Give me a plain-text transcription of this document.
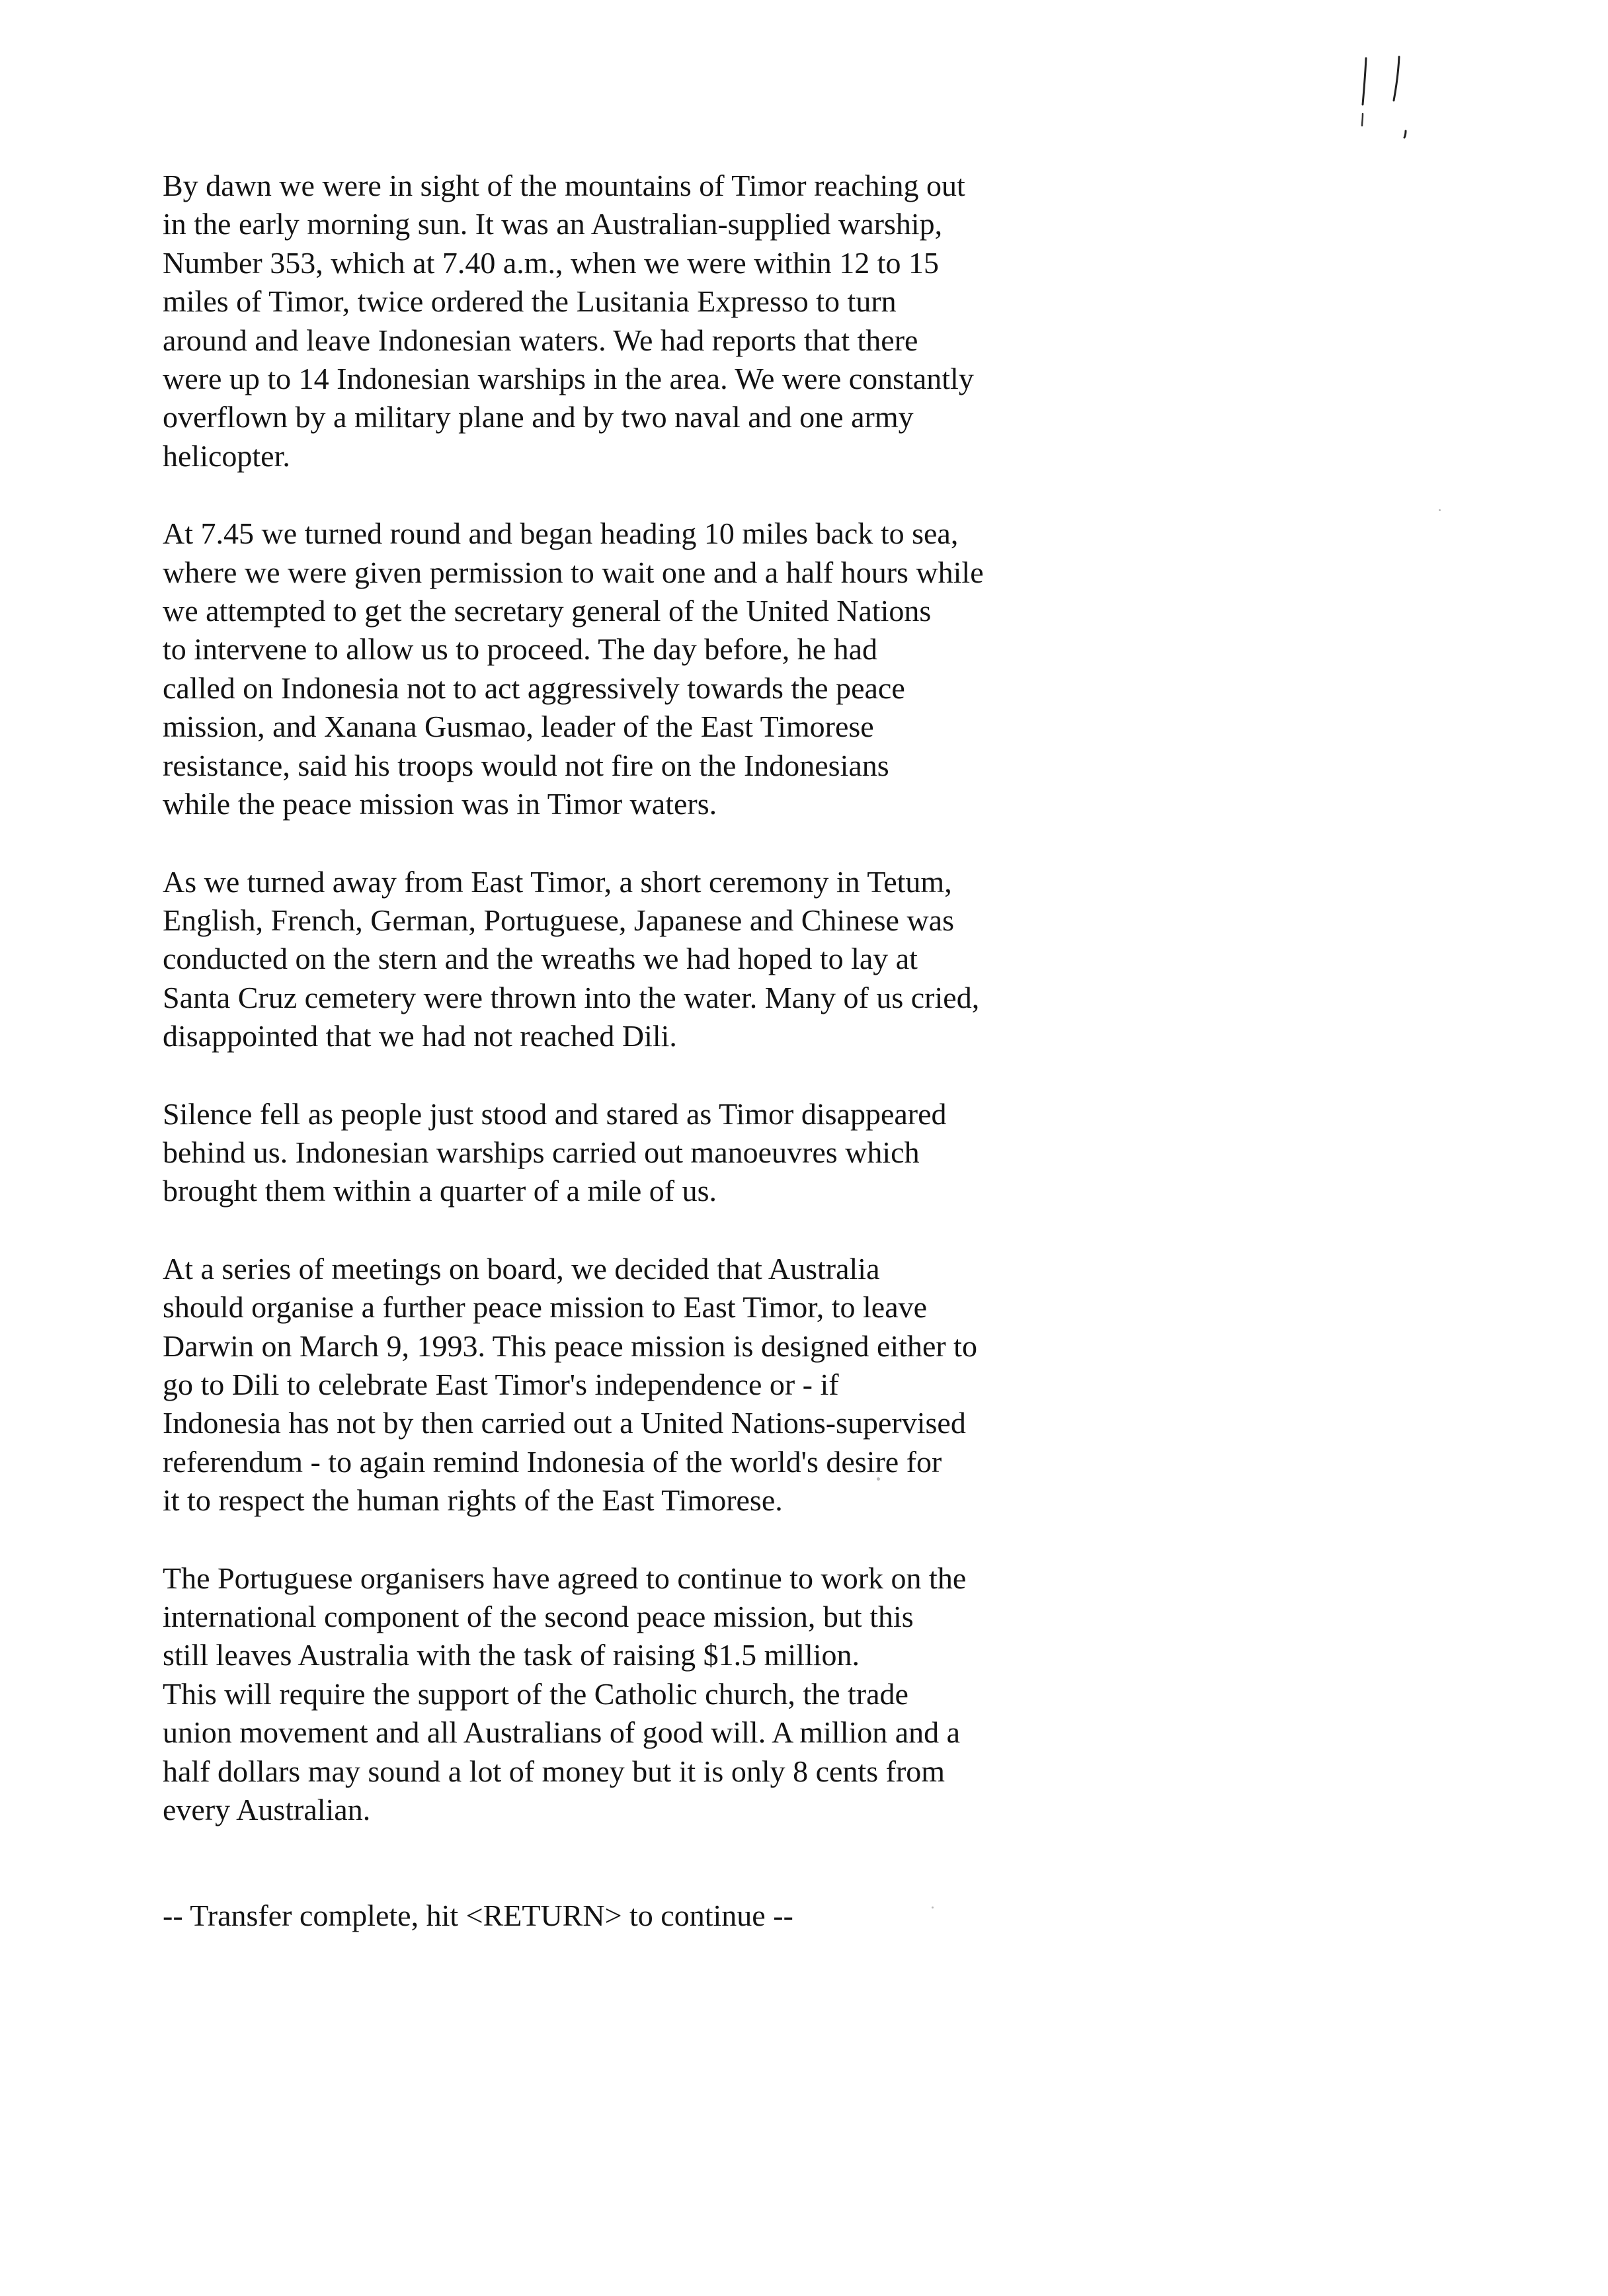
By dawn we were in sight of the mountains of Timor reaching out
in the early morning sun. It was an Australian-supplied warship,
Number 353, which at 7.40 a.m., when we were within 12 to 15
miles of Timor, twice ordered the Lusitania Expresso to turn
around and leave Indonesian waters. We had reports that there
were up to 14 Indonesian warships in the area. We were constantly
overflown by a military plane and by two naval and one army
helicopter.

At 7.45 we turned round and began heading 10 miles back to sea,
where we were given permission to wait one and a half hours while
we attempted to get the secretary general of the United Nations
to intervene to allow us to proceed. The day before, he had
called on Indonesia not to act aggressively towards the peace
mission, and Xanana Gusmao, leader of the East Timorese
resistance, said his troops would not fire on the Indonesians
while the peace mission was in Timor waters.

As we turned away from East Timor, a short ceremony in Tetum,
English, French, German, Portuguese, Japanese and Chinese was
conducted on the stern and the wreaths we had hoped to lay at
Santa Cruz cemetery were thrown into the water. Many of us cried,
disappointed that we had not reached Dili.

Silence fell as people just stood and stared as Timor disappeared
behind us. Indonesian warships carried out manoeuvres which
brought them within a quarter of a mile of us.

At a series of meetings on board, we decided that Australia
should organise a further peace mission to East Timor, to leave
Darwin on March 9, 1993. This peace mission is designed either to
go to Dili to celebrate East Timor's independence or - if
Indonesia has not by then carried out a United Nations-supervised
referendum - to again remind Indonesia of the world's desire for
it to respect the human rights of the East Timorese.

The Portuguese organisers have agreed to continue to work on the
international component of the second peace mission, but this
still leaves Australia with the task of raising $1.5 million.
This will require the support of the Catholic church, the trade
union movement and all Australians of good will. A million and a
half dollars may sound a lot of money but it is only 8 cents from
every Australian.

-- Transfer complete, hit <RETURN> to continue --
